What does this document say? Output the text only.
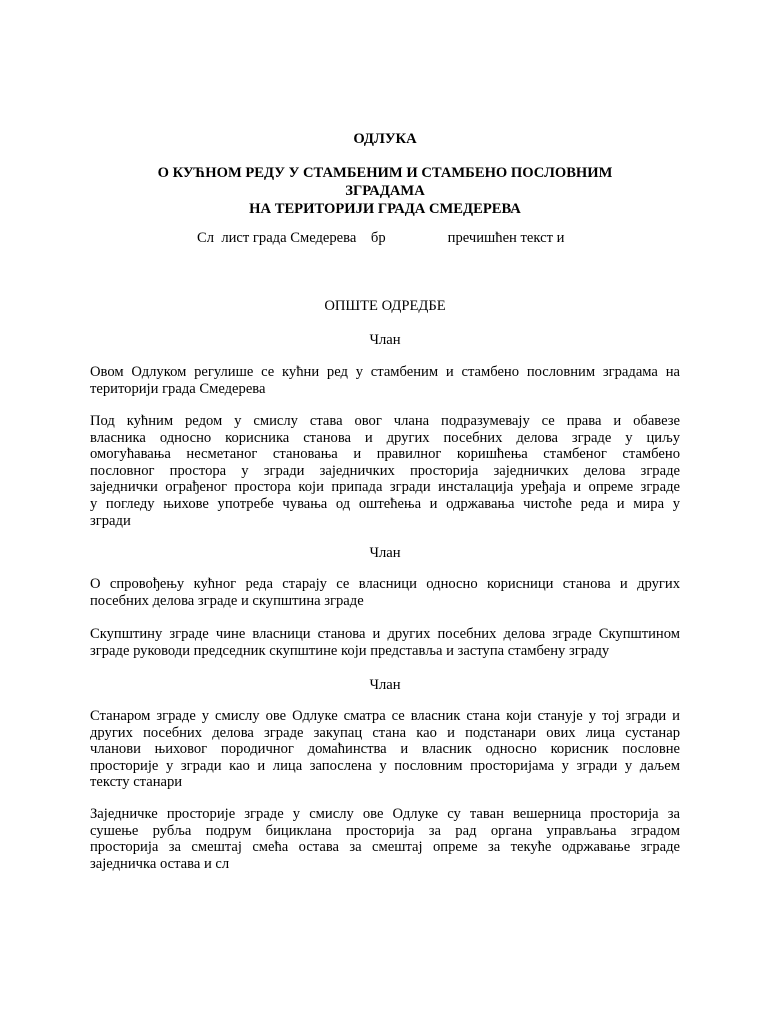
ОДЛУКА
О КУЋНОМ РЕДУ У СТАМБЕНИМ И СТАМБЕНО ПОСЛОВНИМ
ЗГРАДАМА
НА ТЕРИТОРИЈИ ГРАДА СМЕДЕРЕВА
Сл  лист града Смедерева    бр                 пречишћен текст и
ОПШТЕ ОДРЕДБЕ
Члан
Овом Одлуком регулише се кућни ред у стамбеним и стамбено пословним зградама на
територији града Смедерева
Под кућним редом у смислу става овог члана подразумевају се права и обавезе
власника односно корисника станова и других посебних делова зграде у циљу
омогућавања несметаног становања и правилног коришћења стамбеног стамбено
пословног простора у згради заједничких просторија заједничких делова зграде
заједнички ограђеног простора који припада згради инсталација уређаја и опреме зграде
у погледу њихове употребе чувања од оштећења и одржавања чистоће реда и мира у
згради
Члан
О спровођењу кућног реда старају се власници односно корисници станова и других
посебних делова зграде и скупштина зграде
Скупштину зграде чине власници станова и других посебних делова зграде Скупштином
зграде руководи председник скупштине који представља и заступа стамбену зграду
Члан
Станаром зграде у смислу ове Одлуке сматра се власник стана који станује у тој згради и
других посебних делова зграде закупац стана као и подстанари ових лица сустанар
чланови њиховог породичног домаћинства и власник односно корисник пословне
просторије у згради као и лица запослена у пословним просторијама у згради у даљем
тексту станари
Заједничке просторије зграде у смислу ове Одлуке су таван вешерница просторија за
сушење рубља подрум бициклана просторија за рад органа управљања зградом
просторија за смештај смећа остава за смештај опреме за текуће одржавање зграде
заједничка остава и сл
